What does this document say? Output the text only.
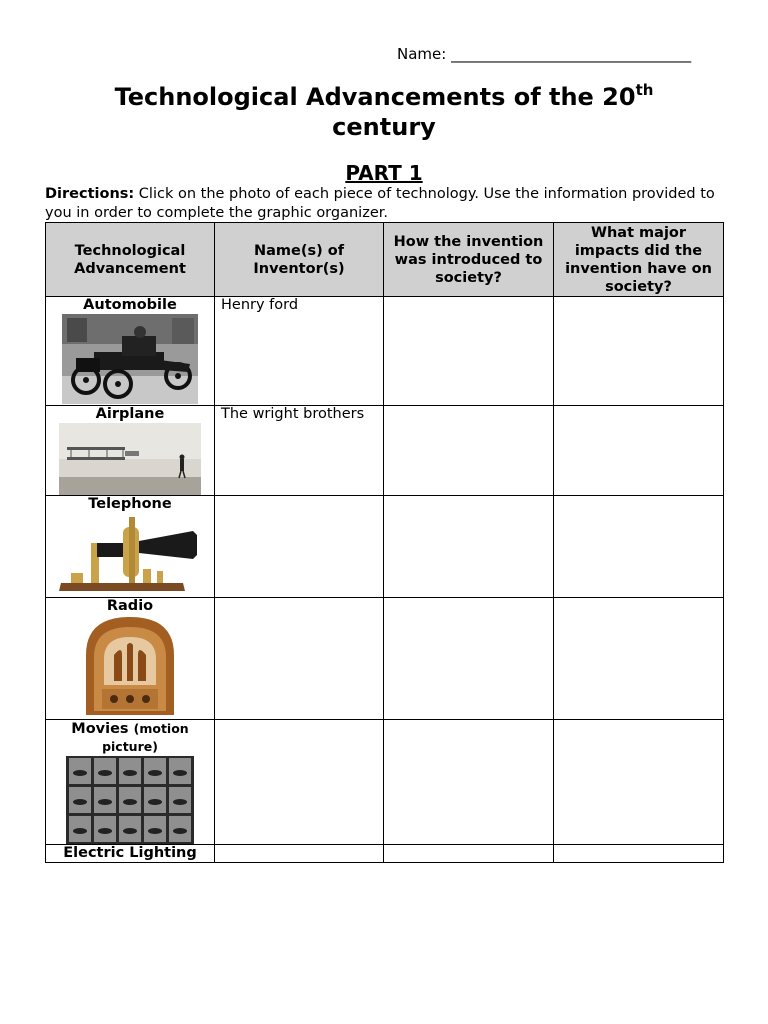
Name: ________________________________
Technological Advancements of the 20th
century
PART 1
Directions: Click on the photo of each piece of technology. Use the information provided to you in order to complete the graphic organizer.
Technological Advancement	Name(s) of Inventor(s)	How the invention was introduced to society?	What major impacts did the invention have on society?

Automobile	Henry ford		

Airplane	The wright brothers		

Telephone			

Radio			

Movies (motion picture)			

Electric Lighting			
